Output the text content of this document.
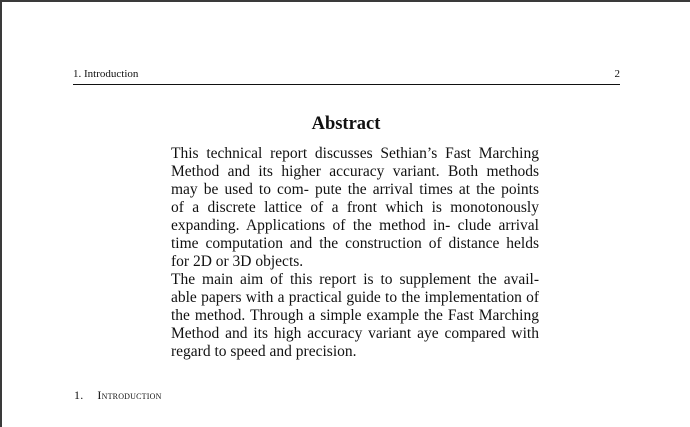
1. Introduction	2
Abstract

This technical report discusses Sethian’s Fast Marching
Method and its higher accuracy variant. Both methods
may be used to com- pute the arrival times at the points
of a discrete lattice of a front which is monotonously
expanding. Applications of the method in- clude arrival
time computation and the construction of distance helds
for 2D or 3D objects.

The main aim of this report is to supplement the avail-
able papers with a practical guide to the implementation of
the method. Through a simple example the Fast Marching
Method and its high accuracy variant aye compared with
regard to speed and precision.

1. Introduction
